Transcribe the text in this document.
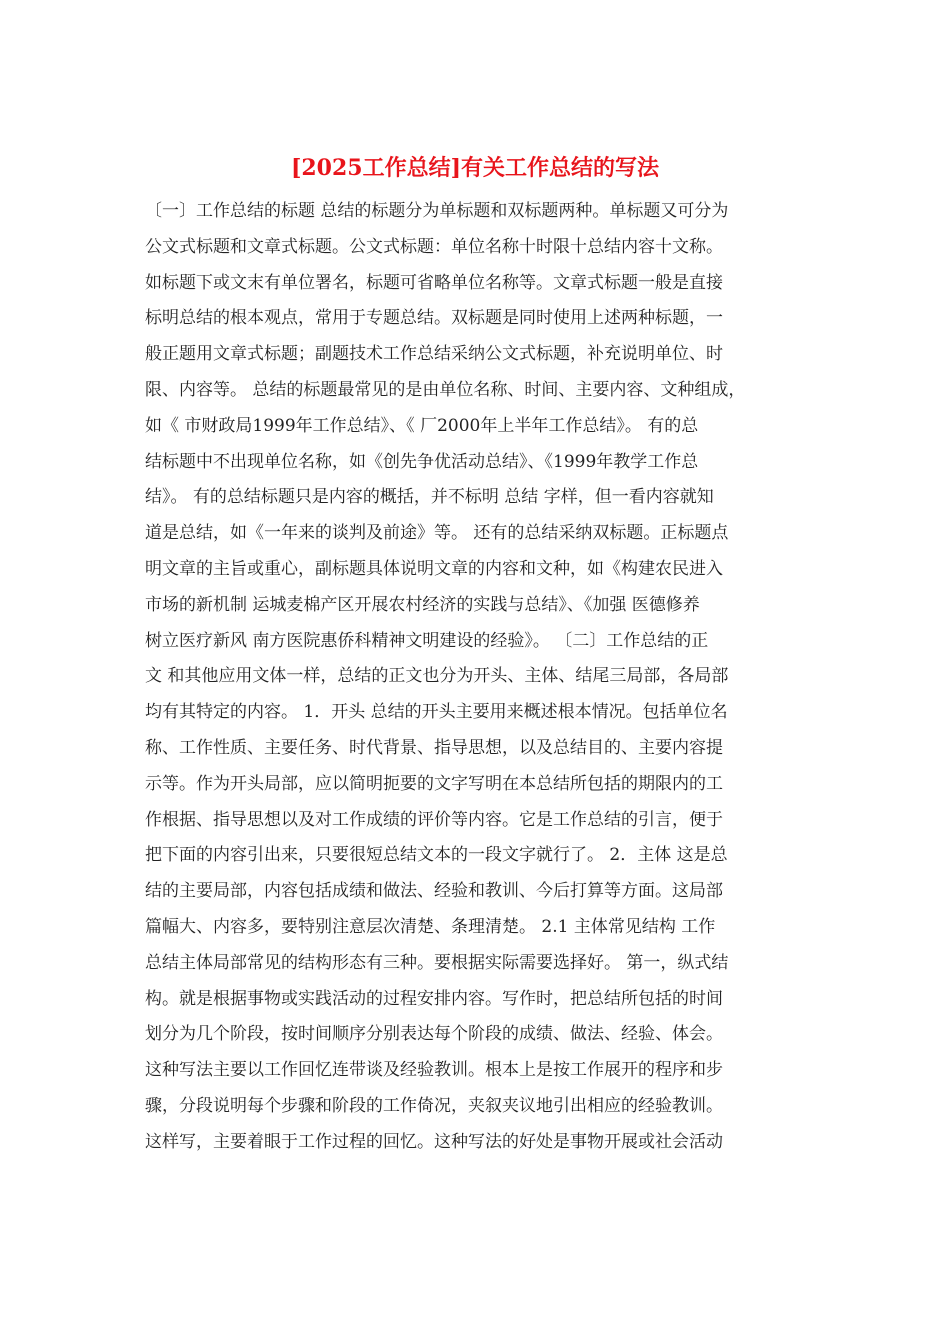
[2025工作总结]有关工作总结的写法
〔一〕工作总结的标题 总结的标题分为单标题和双标题两种。单标题又可分为
公文式标题和文章式标题。公文式标题：单位名称十时限十总结内容十文称。
如标题下或文末有单位署名，标题可省略单位名称等。文章式标题一般是直接
标明总结的根本观点，常用于专题总结。双标题是同时使用上述两种标题，一
般正题用文章式标题；副题技术工作总结采纳公文式标题，补充说明单位、时
限、内容等。 总结的标题最常见的是由单位名称、时间、主要内容、文种组成，
如《 市财政局1999年工作总结》、《 厂2000年上半年工作总结》。 有的总
结标题中不出现单位名称，如《创先争优活动总结》、《1999年教学工作总
结》。 有的总结标题只是内容的概括，并不标明 总结 字样，但一看内容就知
道是总结，如《一年来的谈判及前途》等。 还有的总结采纳双标题。正标题点
明文章的主旨或重心，副标题具体说明文章的内容和文种，如《构建农民进入
市场的新机制 运城麦棉产区开展农村经济的实践与总结》、《加强 医德修养
树立医疗新风 南方医院惠侨科精神文明建设的经验》。 〔二〕工作总结的正
文 和其他应用文体一样，总结的正文也分为开头、主体、结尾三局部，各局部
均有其特定的内容。 1．开头 总结的开头主要用来概述根本情况。包括单位名
称、工作性质、主要任务、时代背景、指导思想，以及总结目的、主要内容提
示等。作为开头局部，应以简明扼要的文字写明在本总结所包括的期限内的工
作根据、指导思想以及对工作成绩的评价等内容。它是工作总结的引言，便于
把下面的内容引出来，只要很短总结文本的一段文字就行了。 2．主体 这是总
结的主要局部，内容包括成绩和做法、经验和教训、今后打算等方面。这局部
篇幅大、内容多，要特别注意层次清楚、条理清楚。 2.1 主体常见结构 工作
总结主体局部常见的结构形态有三种。要根据实际需要选择好。 第一，纵式结
构。就是根据事物或实践活动的过程安排内容。写作时，把总结所包括的时间
划分为几个阶段，按时间顺序分别表达每个阶段的成绩、做法、经验、体会。
这种写法主要以工作回忆连带谈及经验教训。根本上是按工作展开的程序和步
骤，分段说明每个步骤和阶段的工作倚况，夹叙夹议地引出相应的经验教训。
这样写，主要着眼于工作过程的回忆。这种写法的好处是事物开展或社会活动
